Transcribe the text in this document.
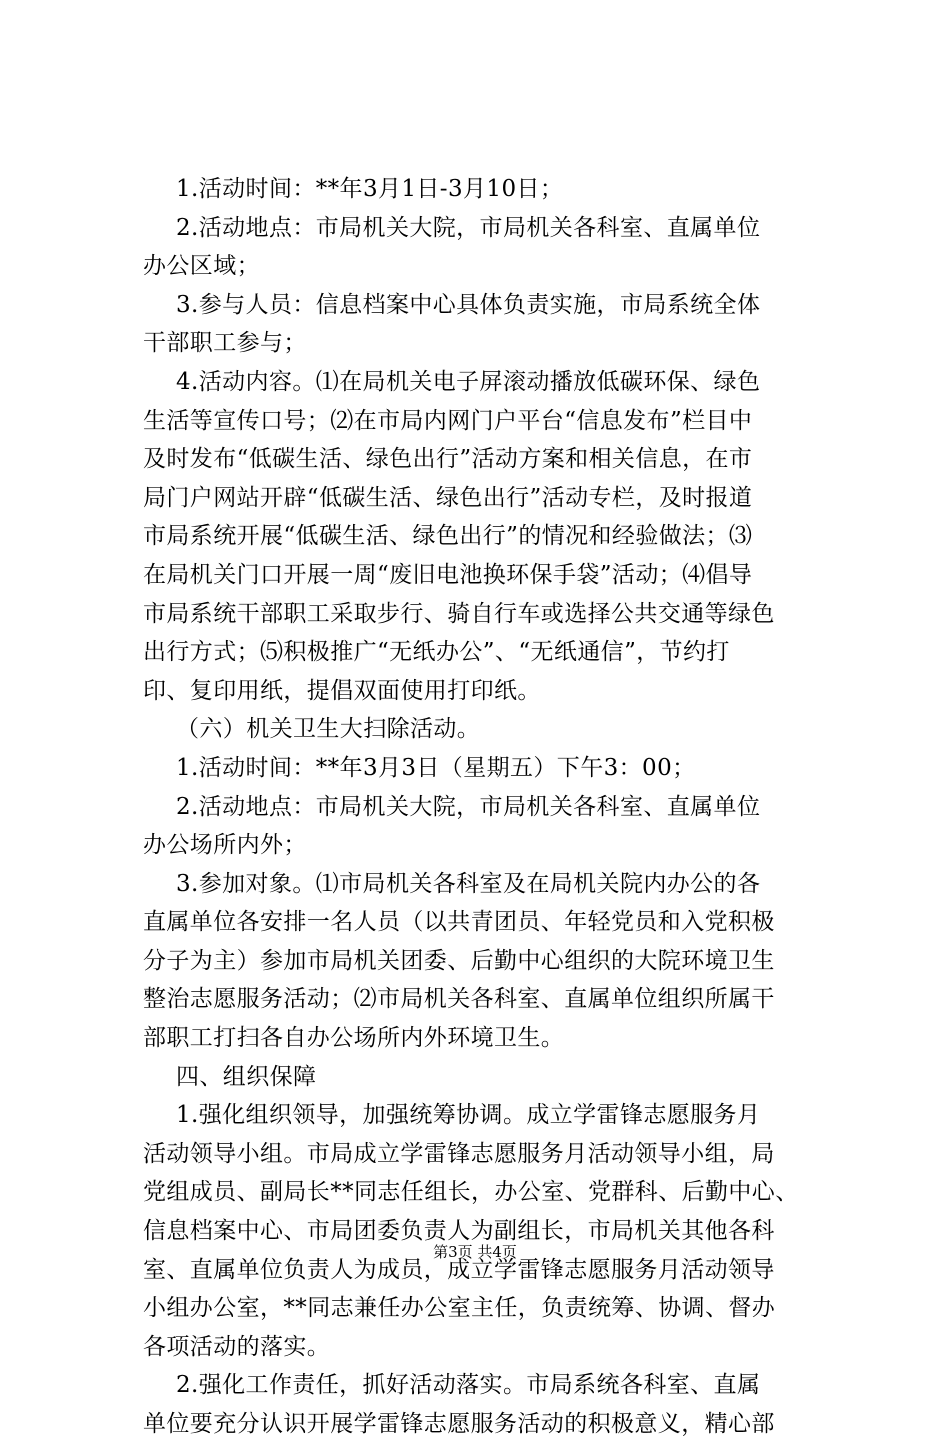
1.活动时间：**年3月1日-3月10日；
2.活动地点：市局机关大院，市局机关各科室、直属单位
办公区域；
3.参与人员：信息档案中心具体负责实施，市局系统全体
干部职工参与；
4.活动内容。⑴在局机关电子屏滚动播放低碳环保、绿色
生活等宣传口号；⑵在市局内网门户平台“信息发布”栏目中
及时发布“低碳生活、绿色出行”活动方案和相关信息，在市
局门户网站开辟“低碳生活、绿色出行”活动专栏，及时报道
市局系统开展“低碳生活、绿色出行”的情况和经验做法；⑶
在局机关门口开展一周“废旧电池换环保手袋”活动；⑷倡导
市局系统干部职工采取步行、骑自行车或选择公共交通等绿色
出行方式；⑸积极推广“无纸办公”、“无纸通信”，节约打
印、复印用纸，提倡双面使用打印纸。
（六）机关卫生大扫除活动。
1.活动时间：**年3月3日（星期五）下午3：00；
2.活动地点：市局机关大院，市局机关各科室、直属单位
办公场所内外；
3.参加对象。⑴市局机关各科室及在局机关院内办公的各
直属单位各安排一名人员（以共青团员、年轻党员和入党积极
分子为主）参加市局机关团委、后勤中心组织的大院环境卫生
整治志愿服务活动；⑵市局机关各科室、直属单位组织所属干
部职工打扫各自办公场所内外环境卫生。
四、组织保障
1.强化组织领导，加强统筹协调。成立学雷锋志愿服务月
活动领导小组。市局成立学雷锋志愿服务月活动领导小组，局
党组成员、副局长**同志任组长，办公室、党群科、后勤中心、
信息档案中心、市局团委负责人为副组长，市局机关其他各科
室、直属单位负责人为成员，成立学雷锋志愿服务月活动领导
小组办公室，**同志兼任办公室主任，负责统筹、协调、督办
各项活动的落实。
2.强化工作责任，抓好活动落实。市局系统各科室、直属
单位要充分认识开展学雷锋志愿服务活动的积极意义，精心部
第3页 共4页
